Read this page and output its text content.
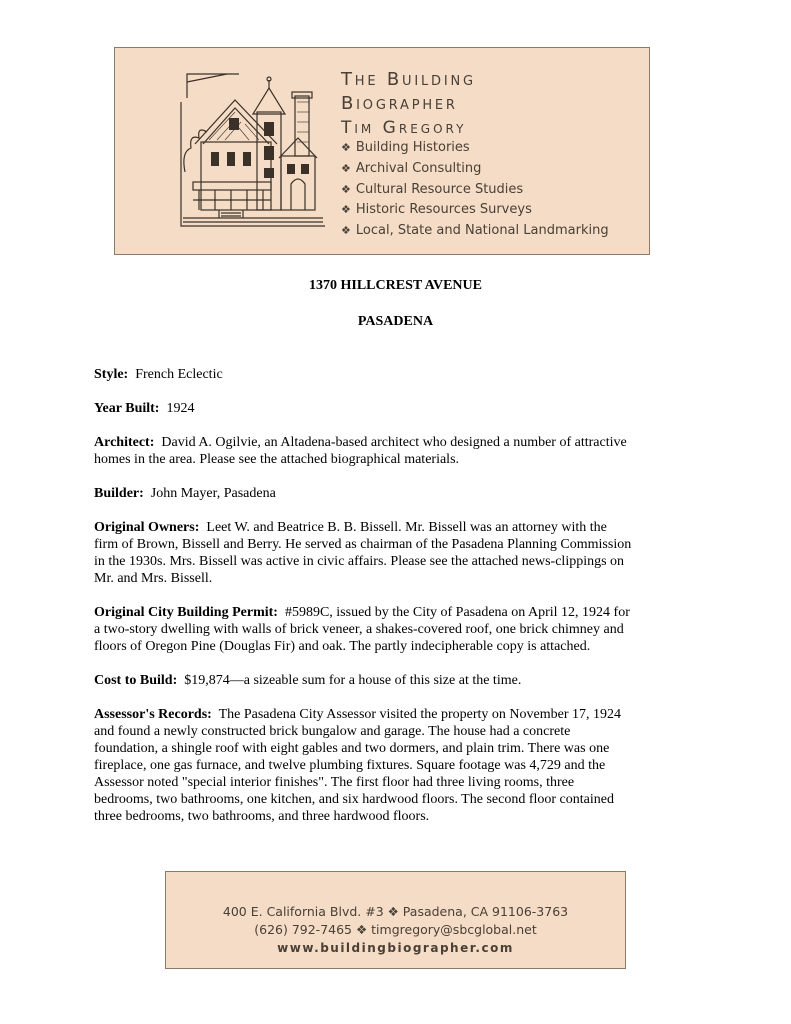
The Building
Biographer
Tim Gregory
❖ Building Histories
❖ Archival Consulting
❖ Cultural Resource Studies
❖ Historic Resources Surveys
❖ Local, State and National Landmarking
1370 HILLCREST AVENUE
PASADENA
Style: French Eclectic
Year Built: 1924
Architect: David A. Ogilvie, an Altadena-based architect who designed a number of attractive
homes in the area. Please see the attached biographical materials.
Builder: John Mayer, Pasadena
Original Owners: Leet W. and Beatrice B. B. Bissell. Mr. Bissell was an attorney with the
firm of Brown, Bissell and Berry. He served as chairman of the Pasadena Planning Commission
in the 1930s. Mrs. Bissell was active in civic affairs. Please see the attached news-clippings on
Mr. and Mrs. Bissell.
Original City Building Permit: #5989C, issued by the City of Pasadena on April 12, 1924 for
a two-story dwelling with walls of brick veneer, a shakes-covered roof, one brick chimney and
floors of Oregon Pine (Douglas Fir) and oak. The partly indecipherable copy is attached.
Cost to Build: $19,874—a sizeable sum for a house of this size at the time.
Assessor's Records: The Pasadena City Assessor visited the property on November 17, 1924
and found a newly constructed brick bungalow and garage. The house had a concrete
foundation, a shingle roof with eight gables and two dormers, and plain trim. There was one
fireplace, one gas furnace, and twelve plumbing fixtures. Square footage was 4,729 and the
Assessor noted "special interior finishes". The first floor had three living rooms, three
bedrooms, two bathrooms, one kitchen, and six hardwood floors. The second floor contained
three bedrooms, two bathrooms, and three hardwood floors.
400 E. California Blvd. #3 ❖ Pasadena, CA 91106-3763
(626) 792-7465 ❖ timgregory@sbcglobal.net
www.buildingbiographer.com
